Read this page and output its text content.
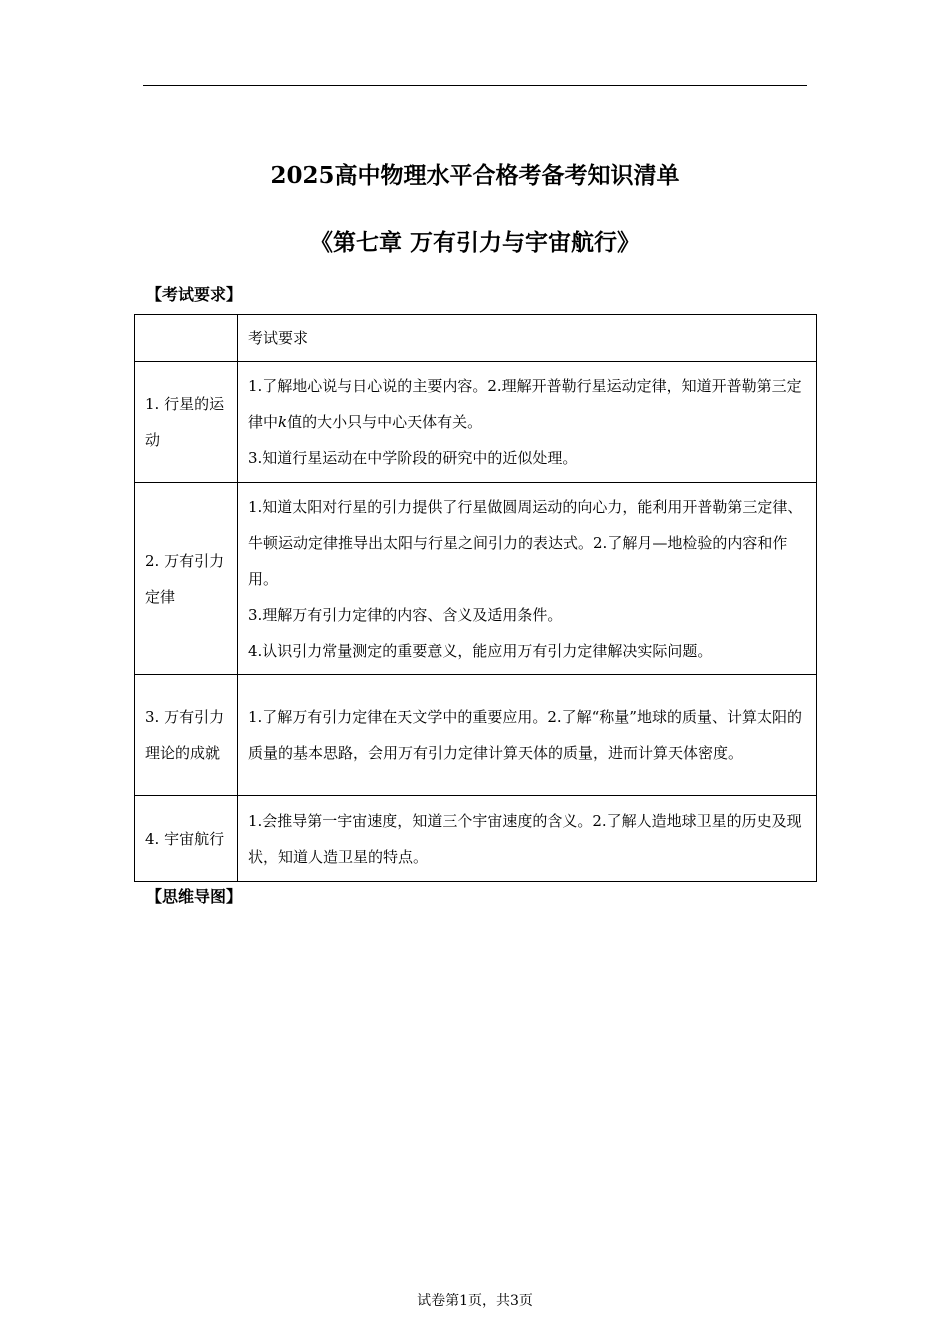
2025高中物理水平合格考备考知识清单
《第七章 万有引力与宇宙航行》
【考试要求】
	考试要求
1. 行星的运动	1.了解地心说与日心说的主要内容。2.理解开普勒行星运动定律，知道开普勒第三定律中k值的大小只与中心天体有关。
3.知道行星运动在中学阶段的研究中的近似处理。

2. 万有引力定律	1.知道太阳对行星的引力提供了行星做圆周运动的向心力，能利用开普勒第三定律、牛顿运动定律推导出太阳与行星之间引力的表达式。2.了解月—地检验的内容和作用。
3.理解万有引力定律的内容、含义及适用条件。
4.认识引力常量测定的重要意义，能应用万有引力定律解决实际问题。

3. 万有引力理论的成就	1.了解万有引力定律在天文学中的重要应用。2.了解“称量”地球的质量、计算太阳的质量的基本思路，会用万有引力定律计算天体的质量，进而计算天体密度。

4. 宇宙航行	1.会推导第一宇宙速度，知道三个宇宙速度的含义。2.了解人造地球卫星的历史及现状，知道人造卫星的特点。
【思维导图】
试卷第1页，共3页
